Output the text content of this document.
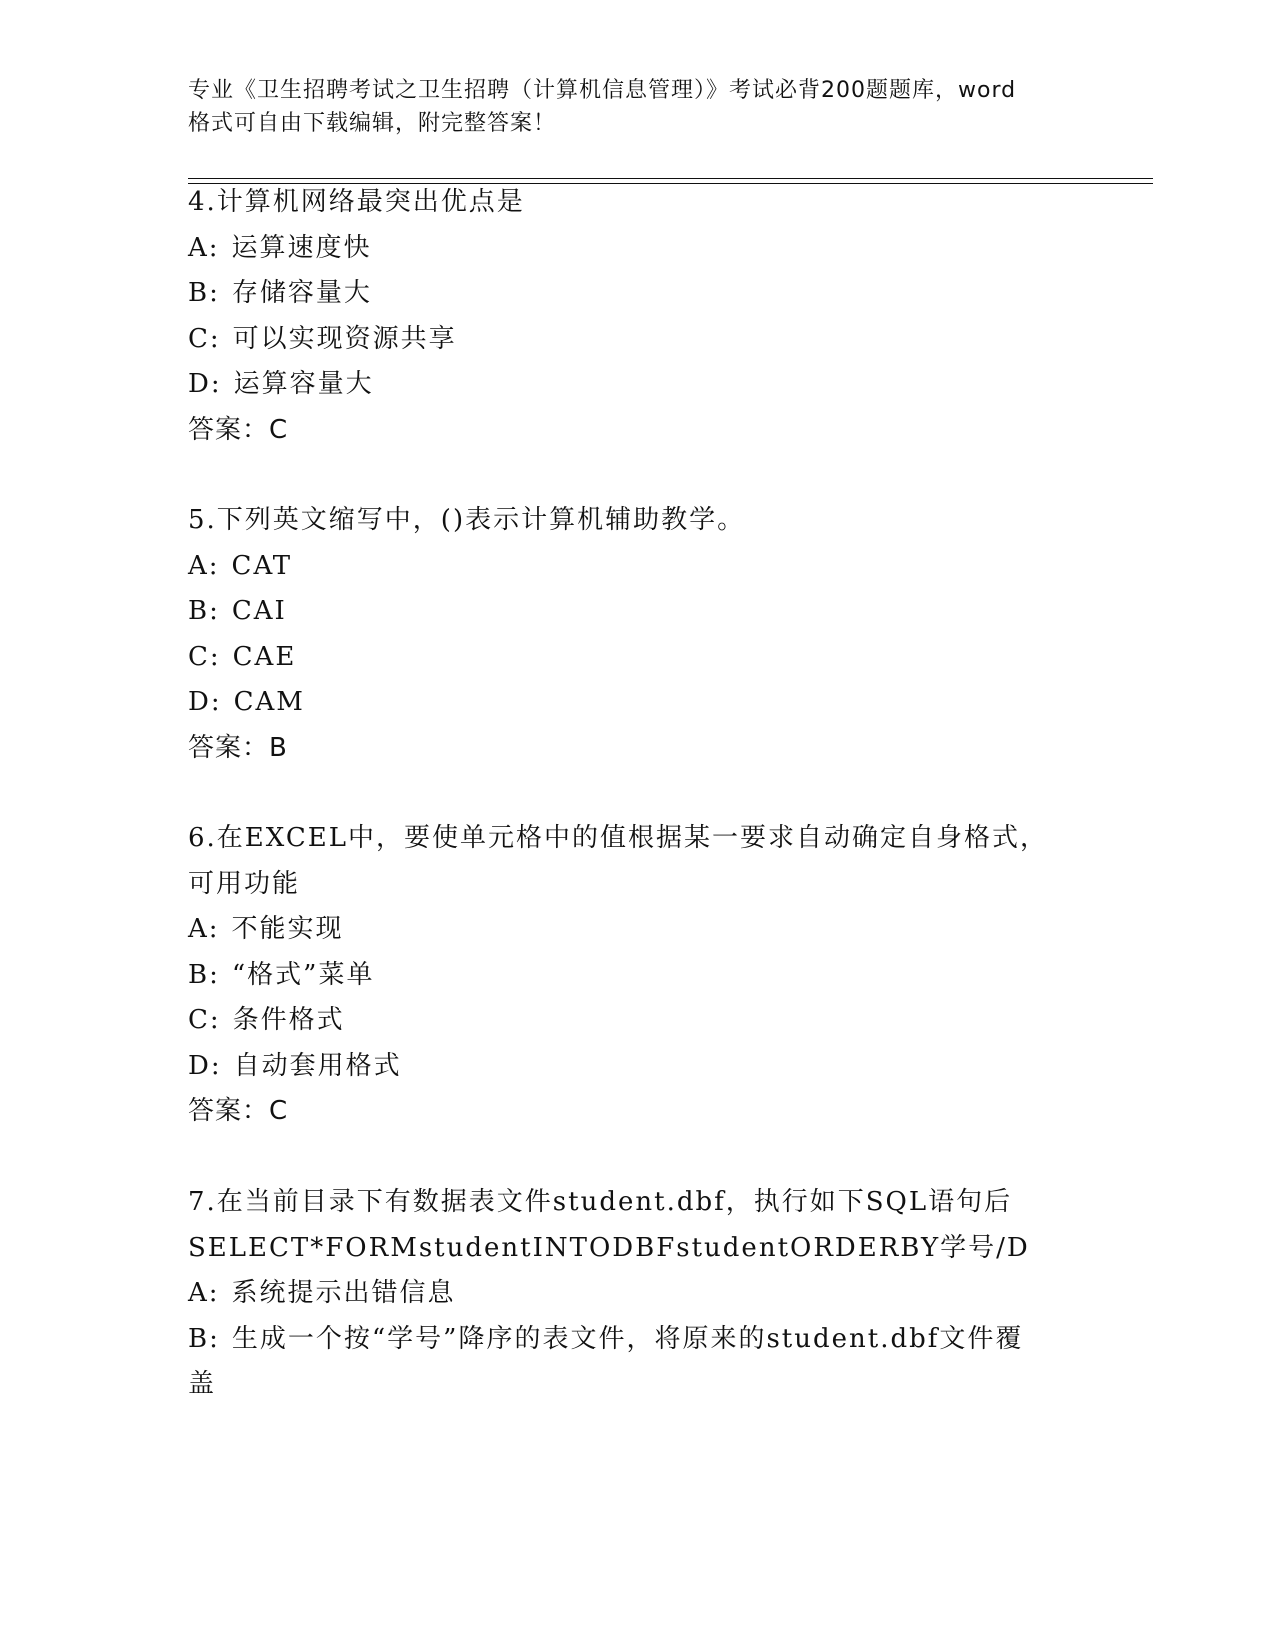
专业《卫生招聘考试之卫生招聘（计算机信息管理）》考试必背200题题库，word
格式可自由下载编辑，附完整答案！
4.计算机网络最突出优点是
A: 运算速度快
B: 存储容量大
C: 可以实现资源共享
D: 运算容量大
答案：C
5.下列英文缩写中，()表示计算机辅助教学。
A: CAT
B: CAI
C: CAE
D: CAM
答案：B
6.在EXCEL中，要使单元格中的值根据某一要求自动确定自身格式，
可用功能
A: 不能实现
B: “格式”菜单
C: 条件格式
D: 自动套用格式
答案：C
7.在当前目录下有数据表文件student.dbf，执行如下SQL语句后
SELECT*FORMstudentINTODBFstudentORDERBY学号/D
A: 系统提示出错信息
B: 生成一个按“学号”降序的表文件，将原来的student.dbf文件覆
盖
